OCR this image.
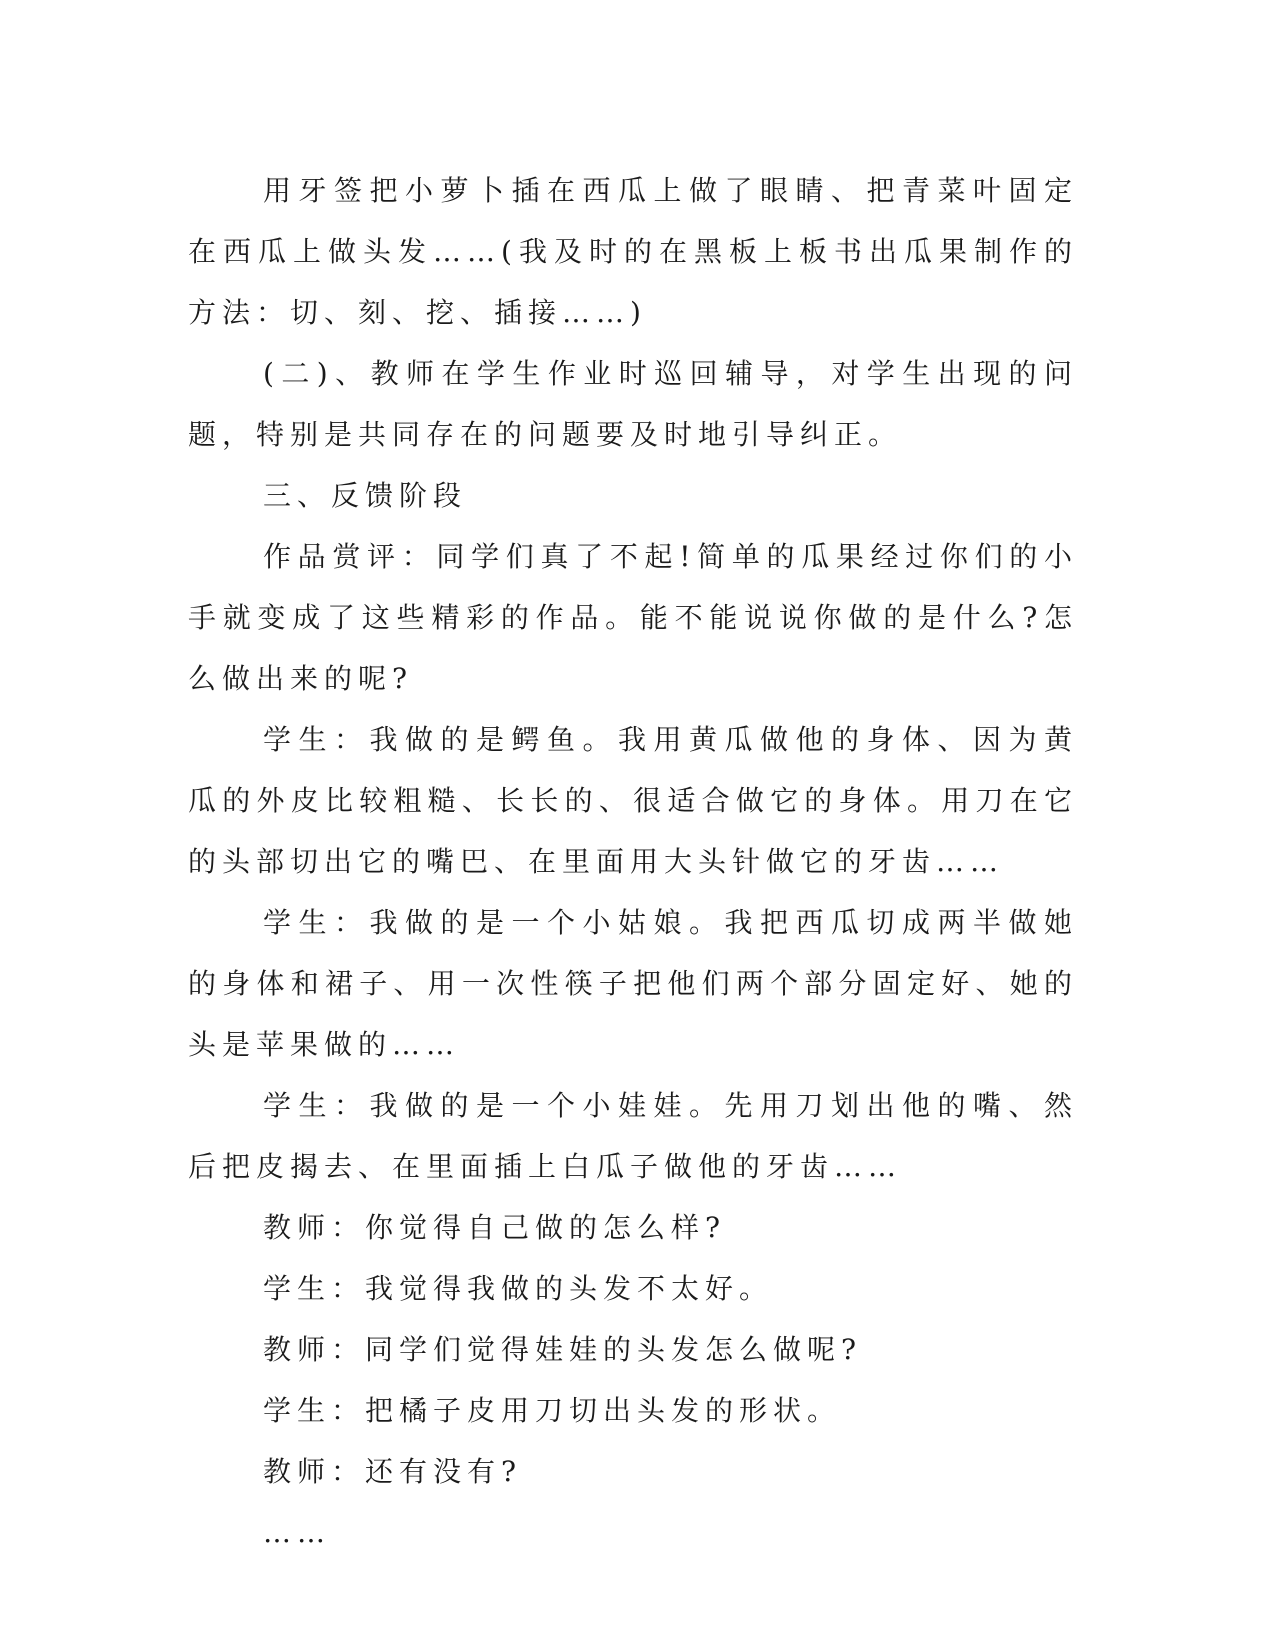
用牙签把小萝卜插在西瓜上做了眼睛、把青菜叶固定在西瓜上做头发……(我及时的在黑板上板书出瓜果制作的方法：切、刻、挖、插接……)

(二)、教师在学生作业时巡回辅导，对学生出现的问题，特别是共同存在的问题要及时地引导纠正。

三、反馈阶段

作品赏评：同学们真了不起!简单的瓜果经过你们的小手就变成了这些精彩的作品。能不能说说你做的是什么?怎么做出来的呢?

学生：我做的是鳄鱼。我用黄瓜做他的身体、因为黄瓜的外皮比较粗糙、长长的、很适合做它的身体。用刀在它的头部切出它的嘴巴、在里面用大头针做它的牙齿……

学生：我做的是一个小姑娘。我把西瓜切成两半做她的身体和裙子、用一次性筷子把他们两个部分固定好、她的头是苹果做的……

学生：我做的是一个小娃娃。先用刀划出他的嘴、然后把皮揭去、在里面插上白瓜子做他的牙齿……

教师：你觉得自己做的怎么样?

学生：我觉得我做的头发不太好。

教师：同学们觉得娃娃的头发怎么做呢?

学生：把橘子皮用刀切出头发的形状。

教师：还有没有?

……
